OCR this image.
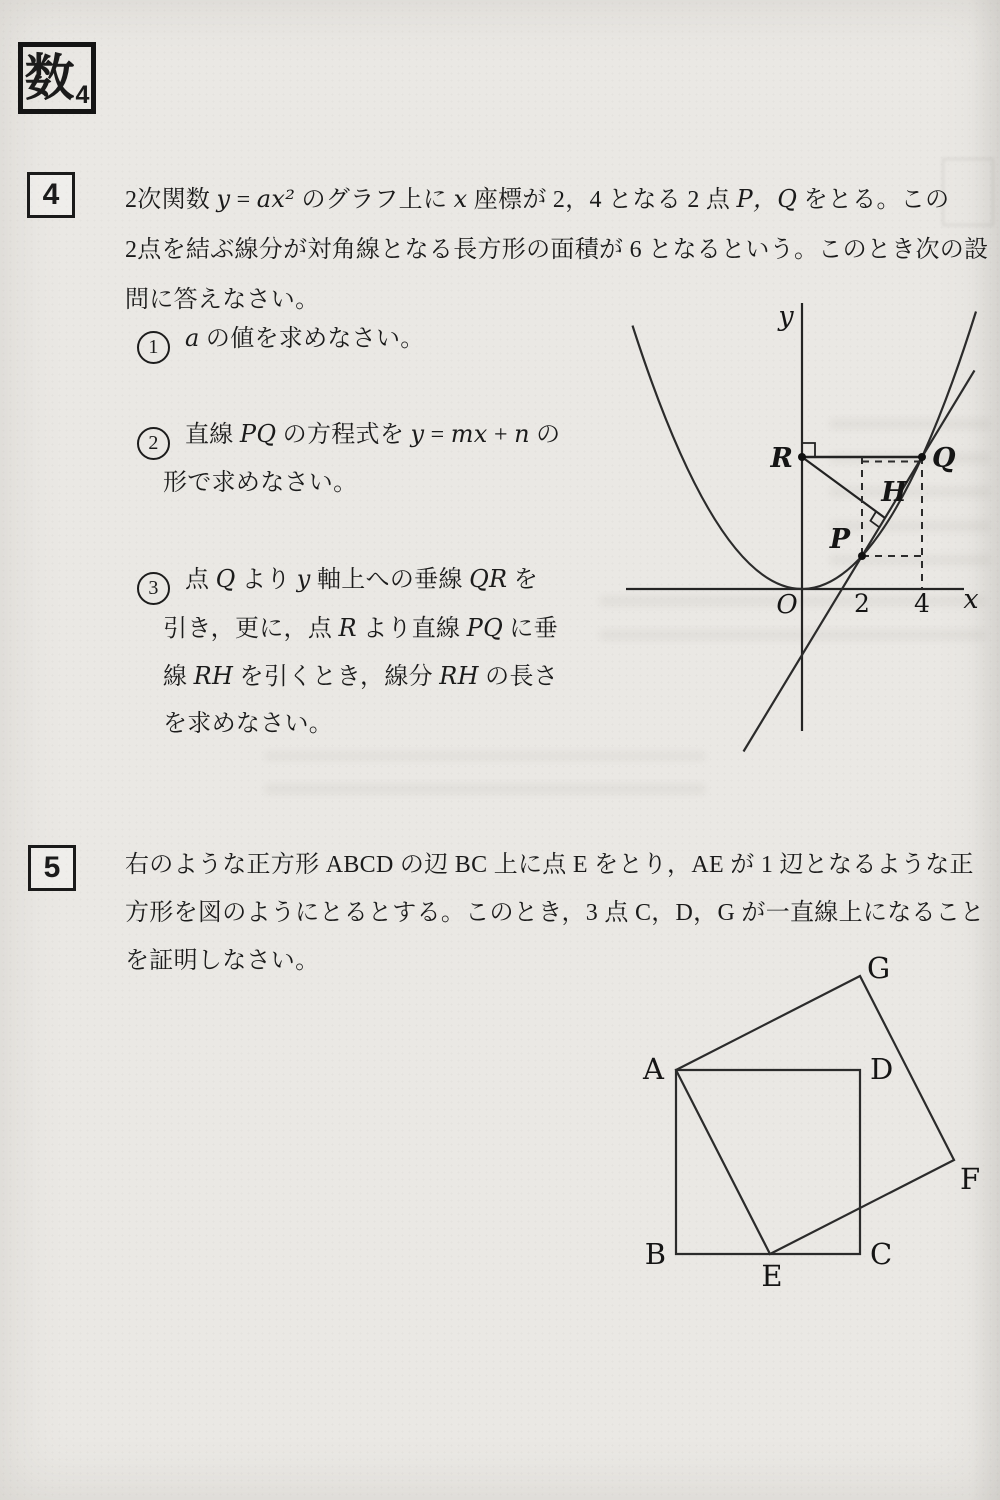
数 4
4	2次関数 y = ax² のグラフ上に x 座標が 2，4 となる 2 点 P，Q をとる。この
2点を結ぶ線分が対角線となる長方形の面積が 6 となるという。このとき次の設
問に答えなさい。
1 a の値を求めなさい。
2 直線 PQ の方程式を y = mx + n の
形で求めなさい。
3 点 Q より y 軸上への垂線 QR を
引き，更に，点 R より直線 PQ に垂
線 RH を引くとき，線分 RH の長さ
を求めなさい。
y
x
O 2 4
R	Q
P
H
5	右のような正方形 ABCD の辺 BC 上に点 E をとり，AE が 1 辺となるような正
方形を図のようにとるとする。このとき，3 点 C，D，G が一直線上になること
を証明しなさい。	G
A	D
B	C
E
F
